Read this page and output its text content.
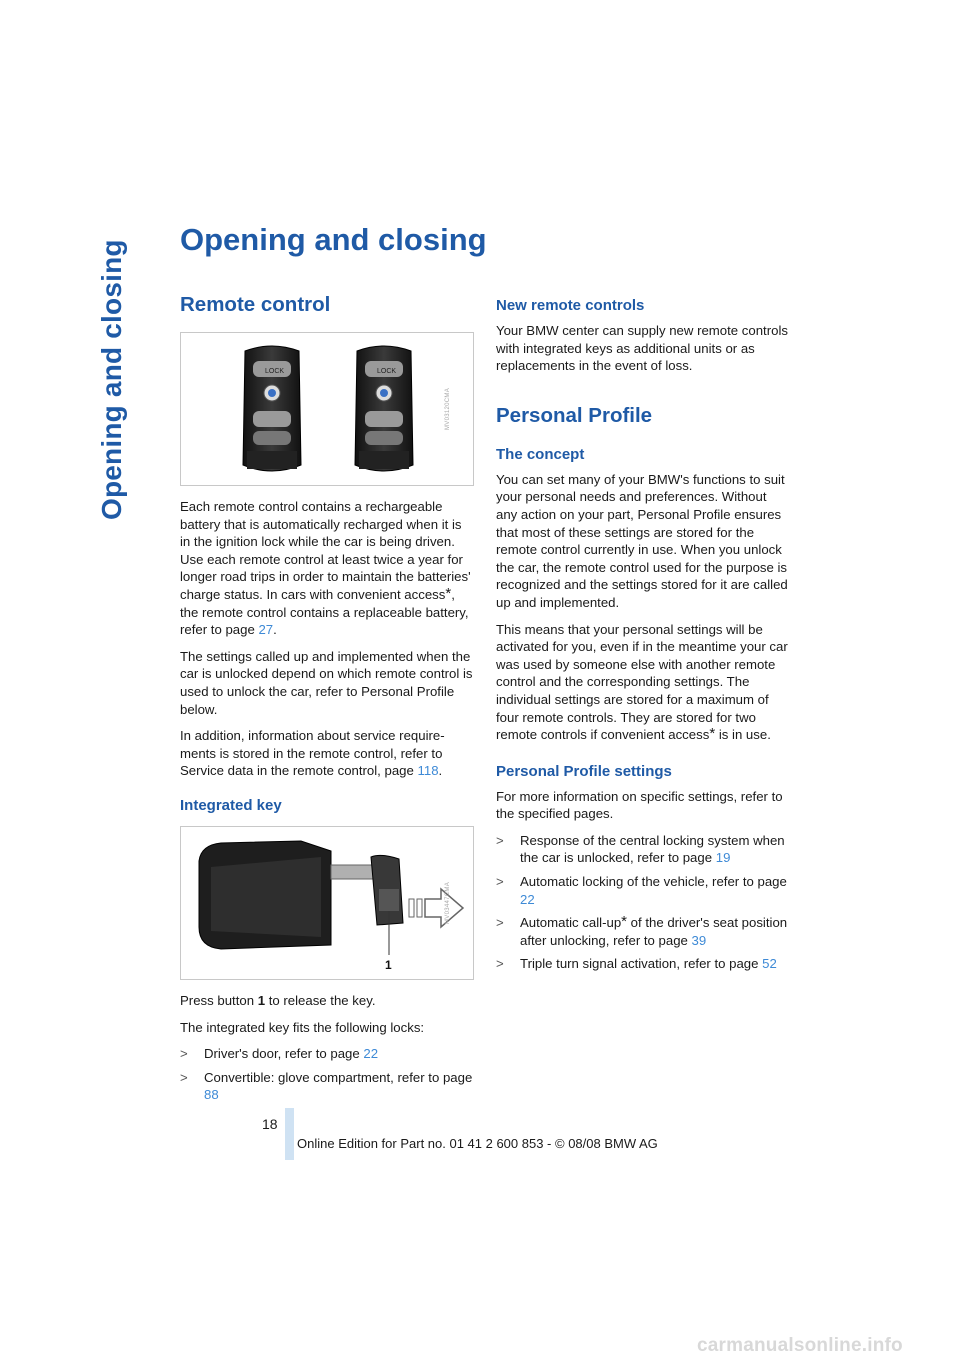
Opening and closing Opening and closing
Remote control
LOCK	LOCK
MV03120CMA

Each remote control contains a rechargeable battery that is automatically recharged when it is in the ignition lock while the car is being driven. Use each remote control at least twice a year for longer road trips in order to maintain the batteries' charge status. In cars with convenient access*, the remote control contains a replaceable battery, refer to page 27.

The settings called up and implemented when the car is unlocked depend on which remote control is used to unlock the car, refer to Personal Profile below.

In addition, information about service requirements is stored in the remote control, refer to Service data in the remote control, page 118.

Integrated key
1
MV03447CMA

Press button 1 to release the key.

The integrated key fits the following locks:

> Driver's door, refer to page 22
> Convertible: glove compartment, refer to page 88
New remote controls

Your BMW center can supply new remote controls with integrated keys as additional units or as replacements in the event of loss.

Personal Profile
The concept

You can set many of your BMW's functions to suit your personal needs and preferences. Without any action on your part, Personal Profile ensures that most of these settings are stored for the remote control currently in use. When you unlock the car, the remote control used for the purpose is recognized and the settings stored for it are called up and implemented.

This means that your personal settings will be activated for you, even if in the meantime your car was used by someone else with another remote control and the corresponding settings. The individual settings are stored for a maximum of four remote controls. They are stored for two remote controls if convenient access* is in use.

Personal Profile settings

For more information on specific settings, refer to the specified pages.

> Response of the central locking system when the car is unlocked, refer to page 19
> Automatic locking of the vehicle, refer to page 22
> Automatic call-up* of the driver's seat position after unlocking, refer to page 39
> Triple turn signal activation, refer to page 52
18
Online Edition for Part no. 01 41 2 600 853 - © 08/08 BMW AG
carmanualsonline.info
